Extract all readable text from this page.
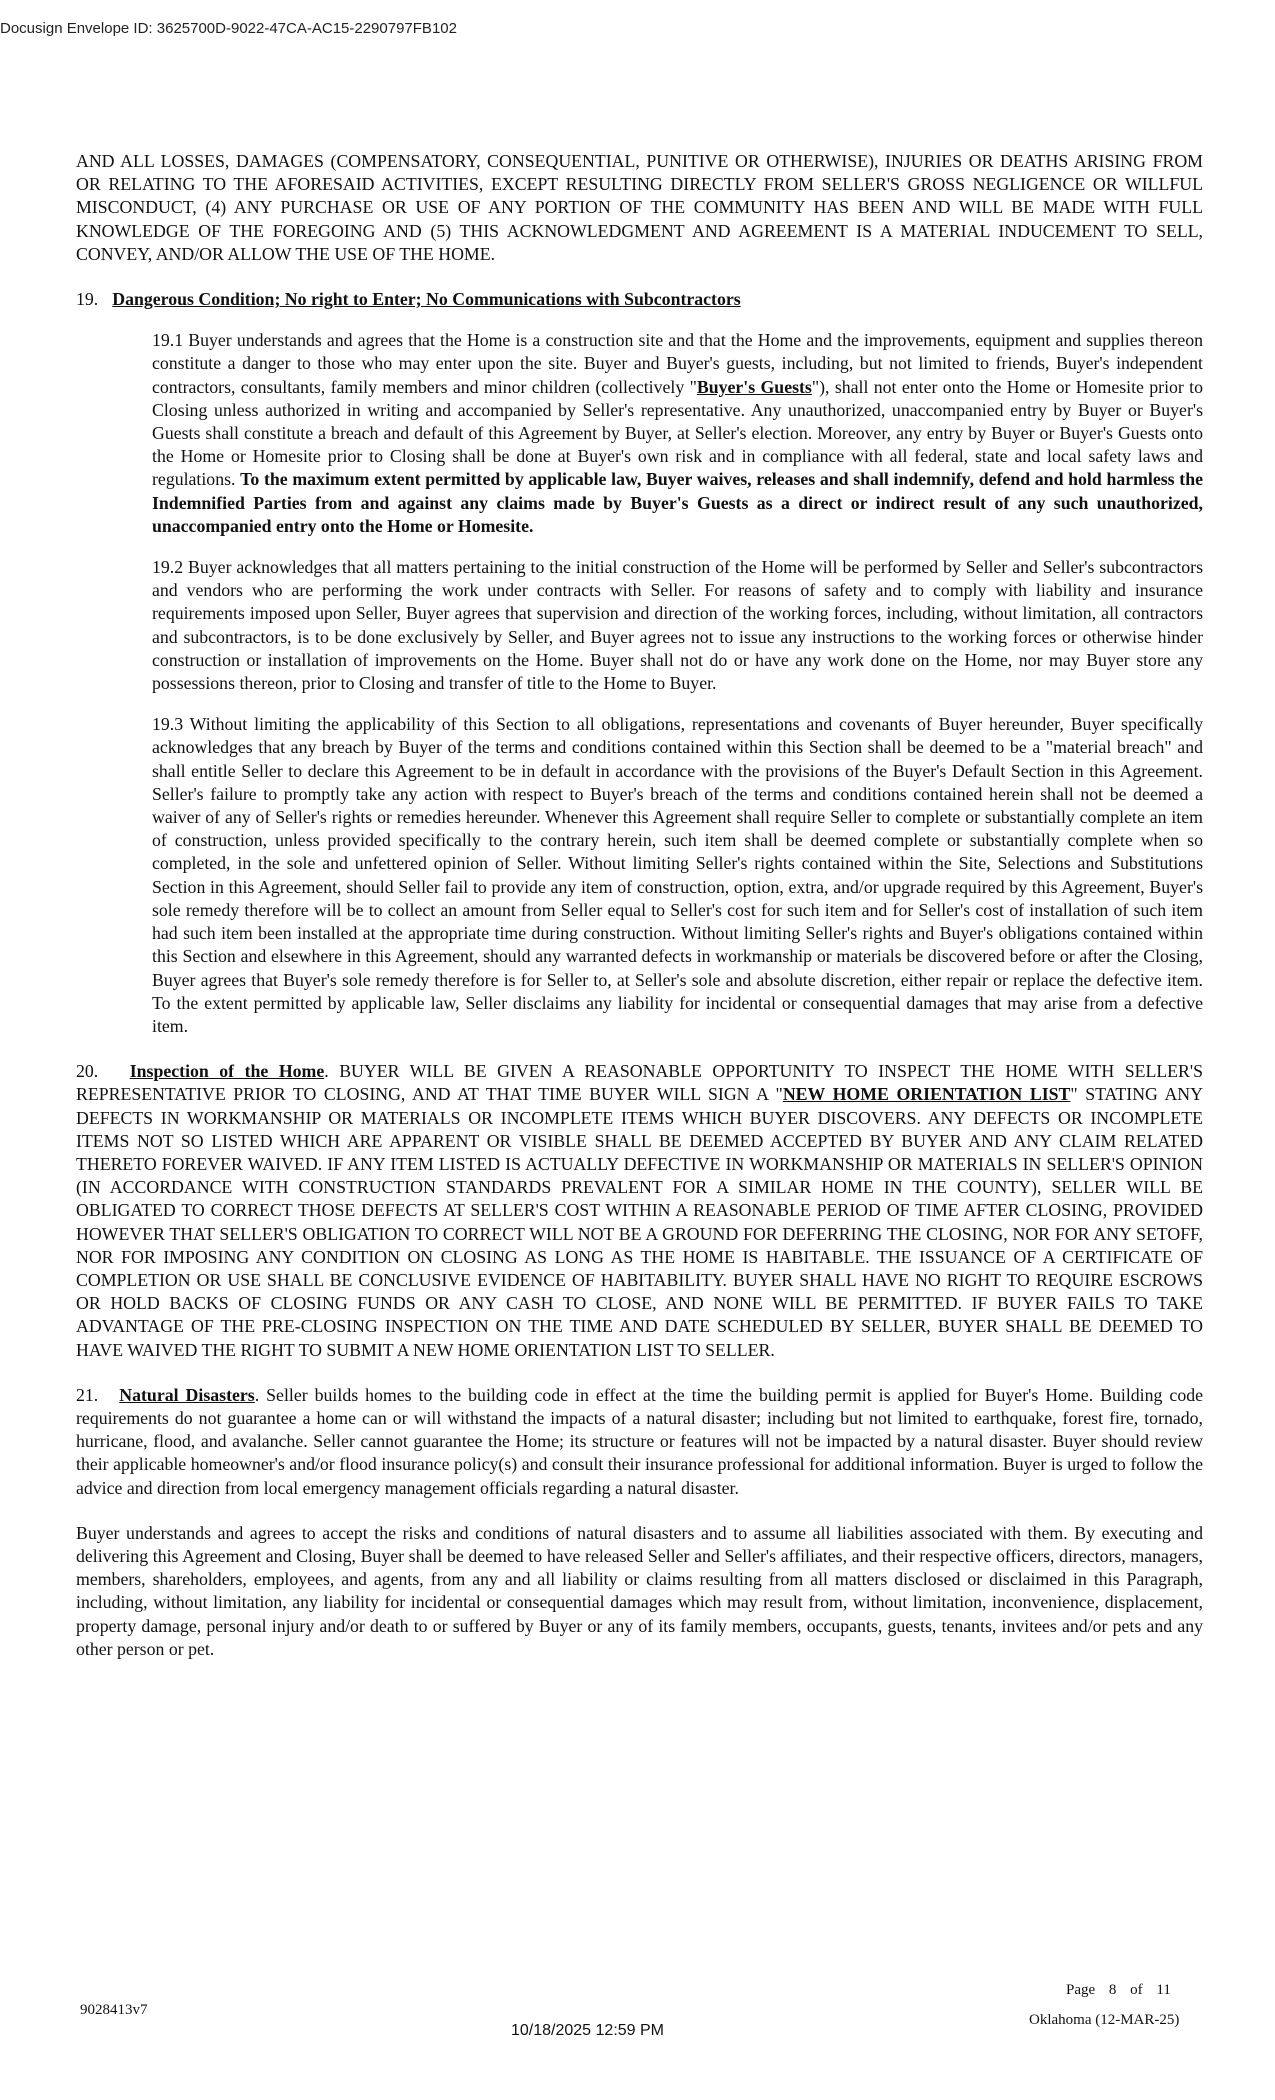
Docusign Envelope ID: 3625700D-9022-47CA-AC15-2290797FB102

AND ALL LOSSES, DAMAGES (COMPENSATORY, CONSEQUENTIAL, PUNITIVE OR OTHERWISE), INJURIES OR DEATHS ARISING FROM OR RELATING TO THE AFORESAID ACTIVITIES, EXCEPT RESULTING DIRECTLY FROM SELLER'S GROSS NEGLIGENCE OR WILLFUL MISCONDUCT, (4) ANY PURCHASE OR USE OF ANY PORTION OF THE COMMUNITY HAS BEEN AND WILL BE MADE WITH FULL KNOWLEDGE OF THE FOREGOING AND (5) THIS ACKNOWLEDGMENT AND AGREEMENT IS A MATERIAL INDUCEMENT TO SELL, CONVEY, AND/OR ALLOW THE USE OF THE HOME.

19. Dangerous Condition; No right to Enter; No Communications with Subcontractors

19.1 Buyer understands and agrees that the Home is a construction site and that the Home and the improvements, equipment and supplies thereon constitute a danger to those who may enter upon the site. Buyer and Buyer's guests, including, but not limited to friends, Buyer's independent contractors, consultants, family members and minor children (collectively "Buyer's Guests"), shall not enter onto the Home or Homesite prior to Closing unless authorized in writing and accompanied by Seller's representative. Any unauthorized, unaccompanied entry by Buyer or Buyer's Guests shall constitute a breach and default of this Agreement by Buyer, at Seller's election. Moreover, any entry by Buyer or Buyer's Guests onto the Home or Homesite prior to Closing shall be done at Buyer's own risk and in compliance with all federal, state and local safety laws and regulations. To the maximum extent permitted by applicable law, Buyer waives, releases and shall indemnify, defend and hold harmless the Indemnified Parties from and against any claims made by Buyer's Guests as a direct or indirect result of any such unauthorized, unaccompanied entry onto the Home or Homesite.

19.2 Buyer acknowledges that all matters pertaining to the initial construction of the Home will be performed by Seller and Seller's subcontractors and vendors who are performing the work under contracts with Seller. For reasons of safety and to comply with liability and insurance requirements imposed upon Seller, Buyer agrees that supervision and direction of the working forces, including, without limitation, all contractors and subcontractors, is to be done exclusively by Seller, and Buyer agrees not to issue any instructions to the working forces or otherwise hinder construction or installation of improvements on the Home. Buyer shall not do or have any work done on the Home, nor may Buyer store any possessions thereon, prior to Closing and transfer of title to the Home to Buyer.

19.3 Without limiting the applicability of this Section to all obligations, representations and covenants of Buyer hereunder, Buyer specifically acknowledges that any breach by Buyer of the terms and conditions contained within this Section shall be deemed to be a "material breach" and shall entitle Seller to declare this Agreement to be in default in accordance with the provisions of the Buyer's Default Section in this Agreement. Seller's failure to promptly take any action with respect to Buyer's breach of the terms and conditions contained herein shall not be deemed a waiver of any of Seller's rights or remedies hereunder. Whenever this Agreement shall require Seller to complete or substantially complete an item of construction, unless provided specifically to the contrary herein, such item shall be deemed complete or substantially complete when so completed, in the sole and unfettered opinion of Seller. Without limiting Seller's rights contained within the Site, Selections and Substitutions Section in this Agreement, should Seller fail to provide any item of construction, option, extra, and/or upgrade required by this Agreement, Buyer's sole remedy therefore will be to collect an amount from Seller equal to Seller's cost for such item and for Seller's cost of installation of such item had such item been installed at the appropriate time during construction. Without limiting Seller's rights and Buyer's obligations contained within this Section and elsewhere in this Agreement, should any warranted defects in workmanship or materials be discovered before or after the Closing, Buyer agrees that Buyer's sole remedy therefore is for Seller to, at Seller's sole and absolute discretion, either repair or replace the defective item. To the extent permitted by applicable law, Seller disclaims any liability for incidental or consequential damages that may arise from a defective item.

20. Inspection of the Home. BUYER WILL BE GIVEN A REASONABLE OPPORTUNITY TO INSPECT THE HOME WITH SELLER'S REPRESENTATIVE PRIOR TO CLOSING, AND AT THAT TIME BUYER WILL SIGN A "NEW HOME ORIENTATION LIST" STATING ANY DEFECTS IN WORKMANSHIP OR MATERIALS OR INCOMPLETE ITEMS WHICH BUYER DISCOVERS. ANY DEFECTS OR INCOMPLETE ITEMS NOT SO LISTED WHICH ARE APPARENT OR VISIBLE SHALL BE DEEMED ACCEPTED BY BUYER AND ANY CLAIM RELATED THERETO FOREVER WAIVED. IF ANY ITEM LISTED IS ACTUALLY DEFECTIVE IN WORKMANSHIP OR MATERIALS IN SELLER'S OPINION (IN ACCORDANCE WITH CONSTRUCTION STANDARDS PREVALENT FOR A SIMILAR HOME IN THE COUNTY), SELLER WILL BE OBLIGATED TO CORRECT THOSE DEFECTS AT SELLER'S COST WITHIN A REASONABLE PERIOD OF TIME AFTER CLOSING, PROVIDED HOWEVER THAT SELLER'S OBLIGATION TO CORRECT WILL NOT BE A GROUND FOR DEFERRING THE CLOSING, NOR FOR ANY SETOFF, NOR FOR IMPOSING ANY CONDITION ON CLOSING AS LONG AS THE HOME IS HABITABLE. THE ISSUANCE OF A CERTIFICATE OF COMPLETION OR USE SHALL BE CONCLUSIVE EVIDENCE OF HABITABILITY. BUYER SHALL HAVE NO RIGHT TO REQUIRE ESCROWS OR HOLD BACKS OF CLOSING FUNDS OR ANY CASH TO CLOSE, AND NONE WILL BE PERMITTED. IF BUYER FAILS TO TAKE ADVANTAGE OF THE PRE-CLOSING INSPECTION ON THE TIME AND DATE SCHEDULED BY SELLER, BUYER SHALL BE DEEMED TO HAVE WAIVED THE RIGHT TO SUBMIT A NEW HOME ORIENTATION LIST TO SELLER.

21. Natural Disasters. Seller builds homes to the building code in effect at the time the building permit is applied for Buyer's Home. Building code requirements do not guarantee a home can or will withstand the impacts of a natural disaster; including but not limited to earthquake, forest fire, tornado, hurricane, flood, and avalanche. Seller cannot guarantee the Home; its structure or features will not be impacted by a natural disaster. Buyer should review their applicable homeowner's and/or flood insurance policy(s) and consult their insurance professional for additional information. Buyer is urged to follow the advice and direction from local emergency management officials regarding a natural disaster.

Buyer understands and agrees to accept the risks and conditions of natural disasters and to assume all liabilities associated with them. By executing and delivering this Agreement and Closing, Buyer shall be deemed to have released Seller and Seller's affiliates, and their respective officers, directors, managers, members, shareholders, employees, and agents, from any and all liability or claims resulting from all matters disclosed or disclaimed in this Paragraph, including, without limitation, any liability for incidental or consequential damages which may result from, without limitation, inconvenience, displacement, property damage, personal injury and/or death to or suffered by Buyer or any of its family members, occupants, guests, tenants, invitees and/or pets and any other person or pet.

Page 8 of 11
9028413v7
Oklahoma (12-MAR-25)
10/18/2025 12:59 PM
